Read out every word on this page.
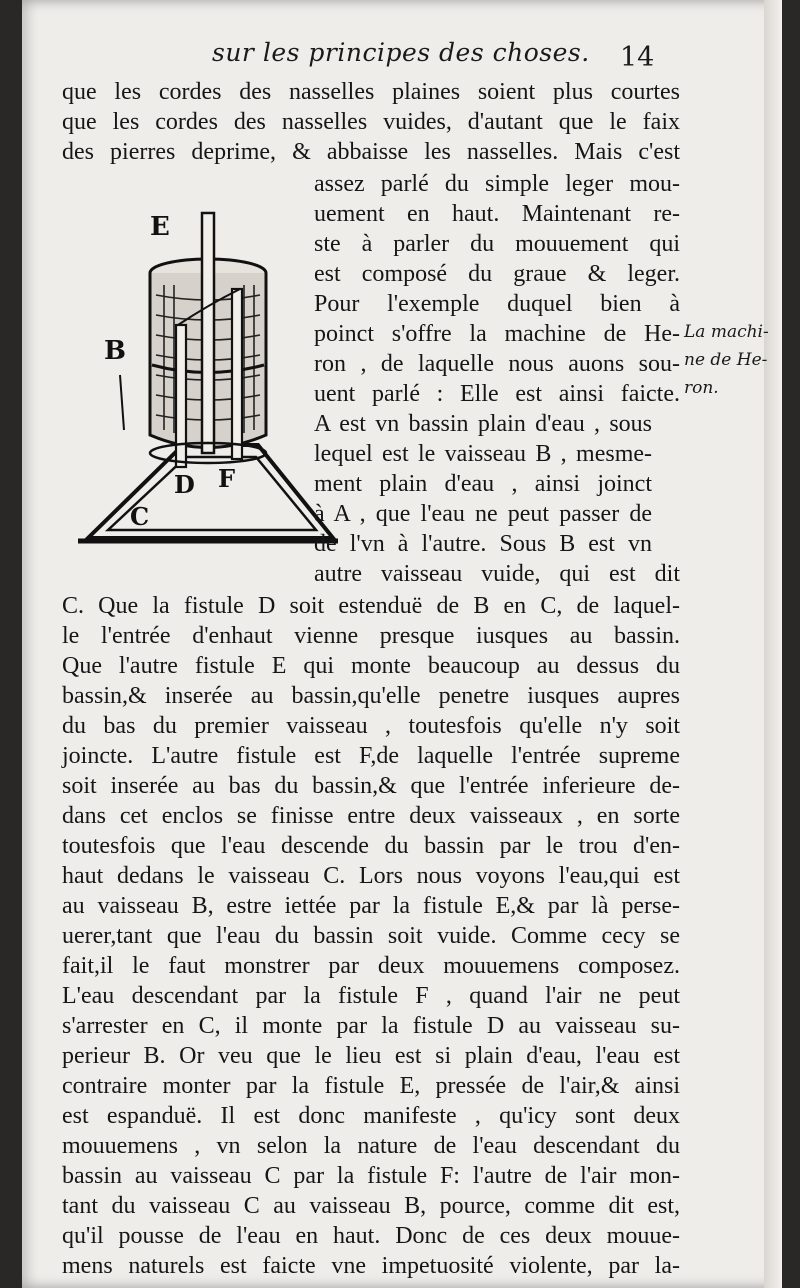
sur les principes des choses. 14
E
B
D F
C
La machi-
ne de He-
ron.
que les cordes des nasselles plaines soient plus courtes
que les cordes des nasselles vuides, d'autant que le faix
des pierres deprime, & abbaisse les nasselles. Mais c'est
assez parlé du simple leger mou-
uement en haut. Maintenant re-
ste à parler du mouuement qui
est composé du graue & leger.
Pour l'exemple duquel bien à
poinct s'offre la machine de He-
ron , de laquelle nous auons sou-
uent parlé : Elle est ainsi faicte.
A est vn bassin plain d'eau , sous
lequel est le vaisseau B , mesme-
ment plain d'eau , ainsi joinct
à A , que l'eau ne peut passer de
de l'vn à l'autre. Sous B est vn
autre vaisseau vuide, qui est dit
C. Que la fistule D soit estenduë de B en C, de laquel-
le l'entrée d'enhaut vienne presque iusques au bassin.
Que l'autre fistule E qui monte beaucoup au dessus du
bassin,& inserée au bassin,qu'elle penetre iusques aupres
du bas du premier vaisseau , toutesfois qu'elle n'y soit
joincte. L'autre fistule est F,de laquelle l'entrée supreme
soit inserée au bas du bassin,& que l'entrée inferieure de-
dans cet enclos se finisse entre deux vaisseaux , en sorte
toutesfois que l'eau descende du bassin par le trou d'en-
haut dedans le vaisseau C. Lors nous voyons l'eau,qui est
au vaisseau B, estre iettée par la fistule E,& par là perse-
uerer,tant que l'eau du bassin soit vuide. Comme cecy se
fait,il le faut monstrer par deux mouuemens composez.
L'eau descendant par la fistule F , quand l'air ne peut
s'arrester en C, il monte par la fistule D au vaisseau su-
perieur B. Or veu que le lieu est si plain d'eau, l'eau est
contraire monter par la fistule E, pressée de l'air,& ainsi
est espanduë. Il est donc manifeste , qu'icy sont deux
mouuemens , vn selon la nature de l'eau descendant du
bassin au vaisseau C par la fistule F: l'autre de l'air mon-
tant du vaisseau C au vaisseau B, pource, comme dit est,
qu'il pousse de l'eau en haut. Donc de ces deux mouue-
mens naturels est faicte vne impetuosité violente, par la-
